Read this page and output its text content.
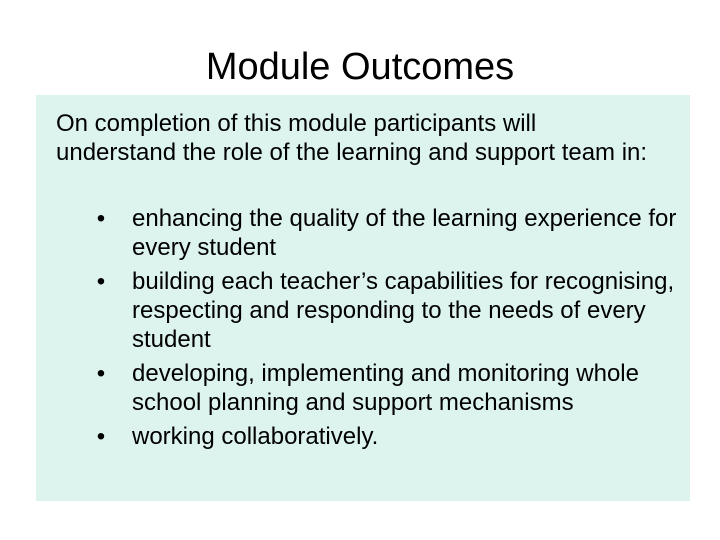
Module Outcomes

On completion of this module participants will understand the role of the learning and support team in:

• enhancing the quality of the learning experience for every student
• building each teacher’s capabilities for recognising, respecting and responding to the needs of every student
• developing, implementing and monitoring whole school planning and support mechanisms
• working collaboratively.
